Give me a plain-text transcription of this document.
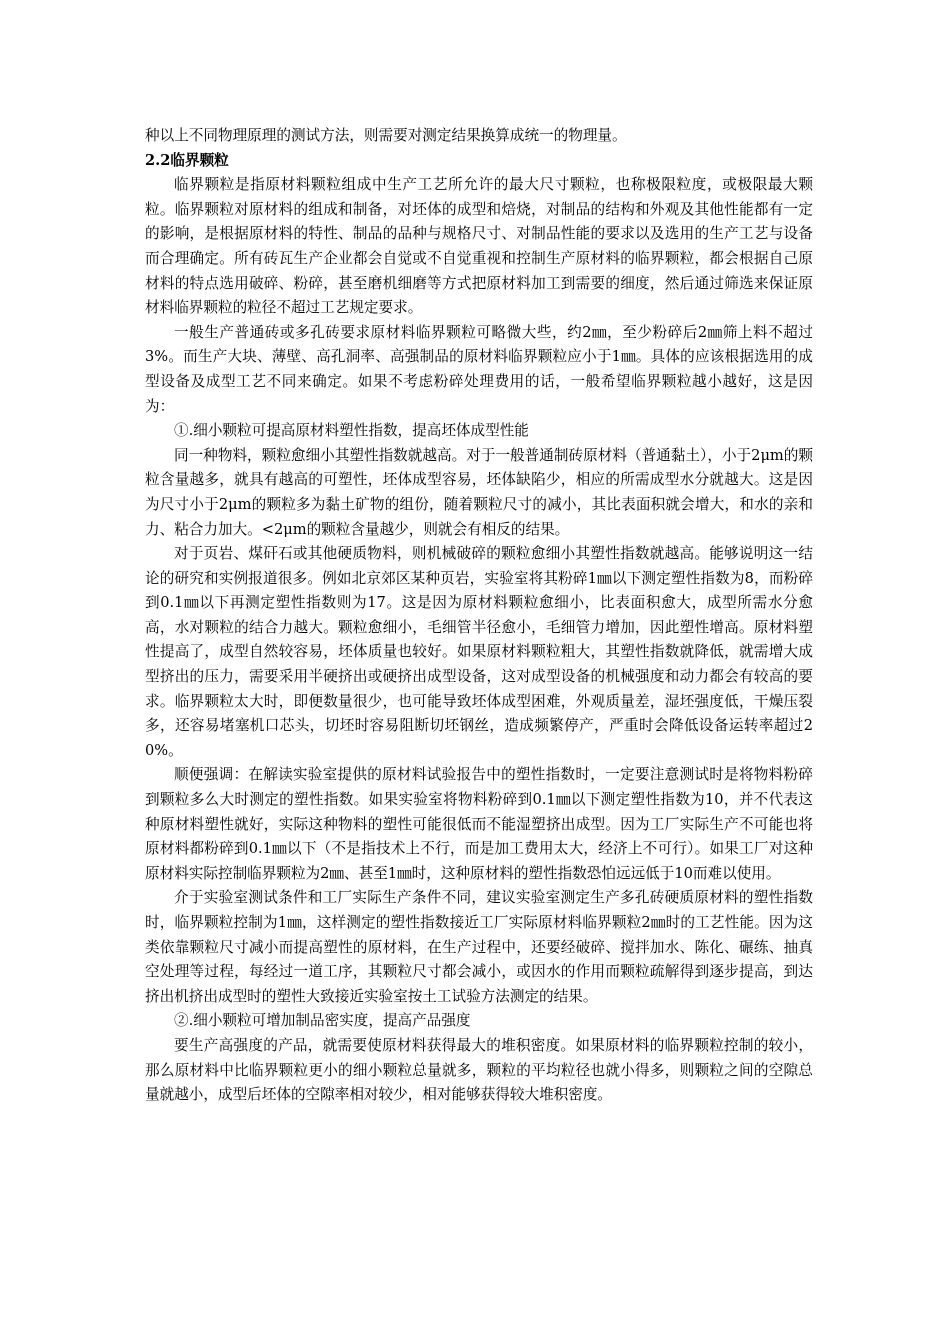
种以上不同物理原理的测试方法，则需要对测定结果换算成统一的物理量。

2.2临界颗粒

临界颗粒是指原材料颗粒组成中生产工艺所允许的最大尺寸颗粒，也称极限粒度，或极限最大颗粒。临界颗粒对原材料的组成和制备，对坯体的成型和焙烧，对制品的结构和外观及其他性能都有一定的影响，是根据原材料的特性、制品的品种与规格尺寸、对制品性能的要求以及选用的生产工艺与设备而合理确定。所有砖瓦生产企业都会自觉或不自觉重视和控制生产原材料的临界颗粒，都会根据自己原材料的特点选用破碎、粉碎，甚至磨机细磨等方式把原材料加工到需要的细度，然后通过筛选来保证原材料临界颗粒的粒径不超过工艺规定要求。

一般生产普通砖或多孔砖要求原材料临界颗粒可略微大些，约2㎜，至少粉碎后2㎜筛上料不超过3%。而生产大块、薄壁、高孔洞率、高强制品的原材料临界颗粒应小于1㎜。具体的应该根据选用的成型设备及成型工艺不同来确定。如果不考虑粉碎处理费用的话，一般希望临界颗粒越小越好，这是因为：

①.细小颗粒可提高原材料塑性指数，提高坯体成型性能

同一种物料，颗粒愈细小其塑性指数就越高。对于一般普通制砖原材料（普通黏土），小于2μm的颗粒含量越多，就具有越高的可塑性，坯体成型容易，坯体缺陷少，相应的所需成型水分就越大。这是因为尺寸小于2μm的颗粒多为黏土矿物的组份，随着颗粒尺寸的减小，其比表面积就会增大，和水的亲和力、粘合力加大。<2μm的颗粒含量越少，则就会有相反的结果。

对于页岩、煤矸石或其他硬质物料，则机械破碎的颗粒愈细小其塑性指数就越高。能够说明这一结论的研究和实例报道很多。例如北京郊区某种页岩，实验室将其粉碎1㎜以下测定塑性指数为8，而粉碎到0.1㎜以下再测定塑性指数则为17。这是因为原材料颗粒愈细小，比表面积愈大，成型所需水分愈高，水对颗粒的结合力越大。颗粒愈细小，毛细管半径愈小，毛细管力增加，因此塑性增高。原材料塑性提高了，成型自然较容易，坯体质量也较好。如果原材料颗粒粗大，其塑性指数就降低，就需增大成型挤出的压力，需要采用半硬挤出或硬挤出成型设备，这对成型设备的机械强度和动力都会有较高的要求。临界颗粒太大时，即便数量很少，也可能导致坯体成型困难，外观质量差，湿坯强度低，干燥压裂多，还容易堵塞机口芯头，切坯时容易阻断切坯钢丝，造成频繁停产，严重时会降低设备运转率超过20%。

顺便强调：在解读实验室提供的原材料试验报告中的塑性指数时，一定要注意测试时是将物料粉碎到颗粒多么大时测定的塑性指数。如果实验室将物料粉碎到0.1㎜以下测定塑性指数为10，并不代表这种原材料塑性就好，实际这种物料的塑性可能很低而不能湿塑挤出成型。因为工厂实际生产不可能也将原材料都粉碎到0.1㎜以下（不是指技术上不行，而是加工费用太大，经济上不可行）。如果工厂对这种原材料实际控制临界颗粒为2㎜、甚至1㎜时，这种原材料的塑性指数恐怕远远低于10而难以使用。

介于实验室测试条件和工厂实际生产条件不同，建议实验室测定生产多孔砖硬质原材料的塑性指数时，临界颗粒控制为1㎜，这样测定的塑性指数接近工厂实际原材料临界颗粒2㎜时的工艺性能。因为这类依靠颗粒尺寸减小而提高塑性的原材料，在生产过程中，还要经破碎、搅拌加水、陈化、碾练、抽真空处理等过程，每经过一道工序，其颗粒尺寸都会减小，或因水的作用而颗粒疏解得到逐步提高，到达挤出机挤出成型时的塑性大致接近实验室按土工试验方法测定的结果。

②.细小颗粒可增加制品密实度，提高产品强度

要生产高强度的产品，就需要使原材料获得最大的堆积密度。如果原材料的临界颗粒控制的较小，那么原材料中比临界颗粒更小的细小颗粒总量就多，颗粒的平均粒径也就小得多，则颗粒之间的空隙总量就越小，成型后坯体的空隙率相对较少，相对能够获得较大堆积密度。
